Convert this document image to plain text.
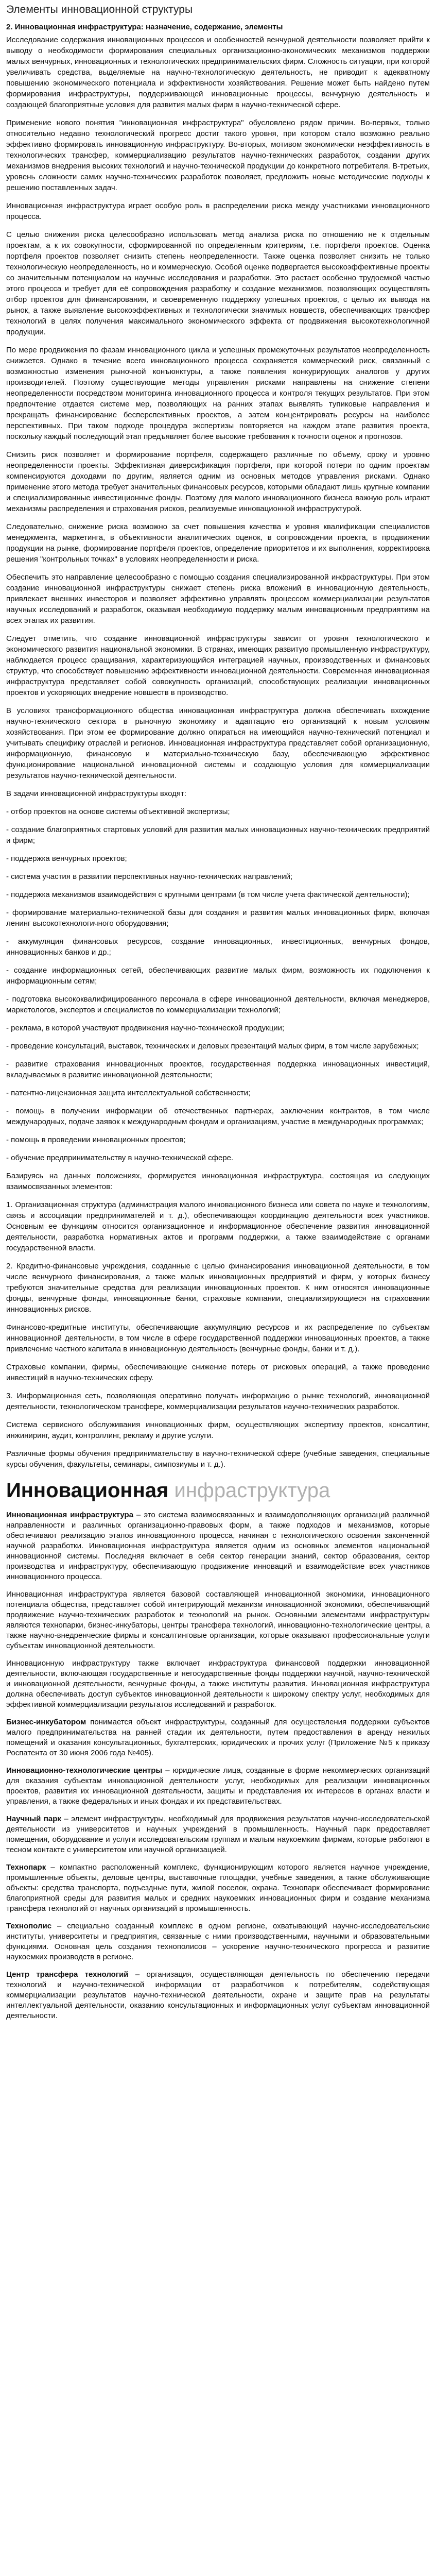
Элементы инновационной структуры
2. Инновационная инфраструктура: назначение, содержание, элементы

Исследование содержания инновационных процессов и особенностей венчурной деятельности позволяет прийти к выводу о необходимости формирования специальных организационно-экономических механизмов поддержки малых венчурных, инновационных и технологических предпринимательских фирм. Сложность ситуации, при которой увеличивать средства, выделяемые на научно-технологическую деятельность, не приводит к адекватному повышению экономического потенциала и эффективности хозяйствования. Решение может быть найдено путем формирования инфраструктуры, поддерживающей инновационные процессы, венчурную деятельность и создающей благоприятные условия для развития малых фирм в научно-технической сфере.

Применение нового понятия "инновационная инфраструктура" обусловлено рядом причин. Во-первых, только относительно недавно технологический прогресс достиг такого уровня, при котором стало возможно реально эффективно формировать инновационную инфраструктуру. Во-вторых, мотивом экономически неэффективность в технологических трансфер, коммерциализацию результатов научно-технических разработок, создании других механизмов внедрения высоких технологий и научно-технической продукции до конкретного потребителя. В-третьих, уровень сложности самих научно-технических разработок позволяет, предложить новые методические подходы к решению поставленных задач.

Инновационная инфраструктура играет особую роль в распределении риска между участниками инновационного процесса.

С целью снижения риска целесообразно использовать метод анализа риска по отношению не к отдельным проектам, а к их совокупности, сформированной по определенным критериям, т.е. портфеля проектов. Оценка портфеля проектов позволяет снизить степень неопределенности. Также оценка позволяет снизить не только технологическую неопределенность, но и коммерческую. Особой оценке подвергается высокоэффективные проекты со значительным потенциалом на научные исследования и разработки. Это растает особенно трудоемкой частью этого процесса и требует для её сопровождения разработку и создание механизмов, позволяющих осуществлять отбор проектов для финансирования, и своевременную поддержку успешных проектов, с целью их вывода на рынок, а также выявление высокоэффективных и технологически значимых новшеств, обеспечивающих трансфер технологий в целях получения максимального экономического эффекта от продвижения высокотехнологичной продукции.

По мере продвижения по фазам инновационного цикла и успешных промежуточных результатов неопределенность снижается. Однако в течение всего инновационного процесса сохраняется коммерческий риск, связанный с возможностью изменения рыночной конъюнктуры, а также появления конкурирующих аналогов у других производителей. Поэтому существующие методы управления рисками направлены на снижение степени неопределенности посредством мониторинга инновационного процесса и контроля текущих результатов. При этом предпочтение отдается системе мер, позволяющих на ранних этапах выявлять тупиковые направления и прекращать финансирование бесперспективных проектов, а затем концентрировать ресурсы на наиболее перспективных. При таком подходе процедура экспертизы повторяется на каждом этапе развития проекта, поскольку каждый последующий этап предъявляет более высокие требования к точности оценок и прогнозов.

Снизить риск позволяет и формирование портфеля, содержащего различные по объему, сроку и уровню неопределенности проекты. Эффективная диверсификация портфеля, при которой потери по одним проектам компенсируются доходами по другим, является одним из основных методов управления рисками. Однако применение этого метода требует значительных финансовых ресурсов, которыми обладают лишь крупные компании и специализированные инвестиционные фонды. Поэтому для малого инновационного бизнеса важную роль играют механизмы распределения и страхования рисков, реализуемые инновационной инфраструктурой.

Следовательно, снижение риска возможно за счет повышения качества и уровня квалификации специалистов менеджмента, маркетинга, в объективности аналитических оценок, в сопровождении проекта, в продвижении продукции на рынке, формирование портфеля проектов, определение приоритетов и их выполнения, корректировка решения "контрольных точках" в условиях неопределенности и риска.

Обеспечить это направление целесообразно с помощью создания специализированной инфраструктуры. При этом создание инновационной инфраструктуры снижает степень риска вложений в инновационную деятельность, привлекает внешних инвесторов и позволяет эффективно управлять процессом коммерциализации результатов научных исследований и разработок, оказывая необходимую поддержку малым инновационным предприятиям на всех этапах их развития.

Следует отметить, что создание инновационной инфраструктуры зависит от уровня технологического и экономического развития национальной экономики. В странах, имеющих развитую промышленную инфраструктуру, наблюдается процесс сращивания, характеризующийся интеграцией научных, производственных и финансовых структур, что способствует повышению эффективности инновационной деятельности. Современная инновационная инфраструктура представляет собой совокупность организаций, способствующих реализации инновационных проектов и ускоряющих внедрение новшеств в производство.

В условиях трансформационного общества инновационная инфраструктура должна обеспечивать вхождение научно-технического сектора в рыночную экономику и адаптацию его организаций к новым условиям хозяйствования. При этом ее формирование должно опираться на имеющийся научно-технический потенциал и учитывать специфику отраслей и регионов. Инновационная инфраструктура представляет собой организационную, информационную, финансовую и материально-техническую базу, обеспечивающую эффективное функционирование национальной инновационной системы и создающую условия для коммерциализации результатов научно-технической деятельности.

В задачи инновационной инфраструктуры входят:

- отбор проектов на основе системы объективной экспертизы;

- создание благоприятных стартовых условий для развития малых инновационных научно-технических предприятий и фирм;

- поддержка венчурных проектов;

- система участия в развитии перспективных научно-технических направлений;

- поддержка механизмов взаимодействия с крупными центрами (в том числе учета фактической деятельности);

- формирование материально-технической базы для создания и развития малых инновационных фирм, включая ленинг высокотехнологичного оборудования;

- аккумуляция финансовых ресурсов, создание инновационных, инвестиционных, венчурных фондов, инновационных банков и др.;

- создание информационных сетей, обеспечивающих развитие малых фирм, возможность их подключения к информационным сетям;

- подготовка высококвалифицированного персонала в сфере инновационной деятельности, включая менеджеров, маркетологов, экспертов и специалистов по коммерциализации технологий;

- реклама, в которой участвуют продвижения научно-технической продукции;

- проведение консультаций, выставок, технических и деловых презентаций малых фирм, в том числе зарубежных;

- развитие страхования инновационных проектов, государственная поддержка инновационных инвестиций, вкладываемых в развитие инновационной деятельности;

- патентно-лицензионная защита интеллектуальной собственности;

- помощь в получении информации об отечественных партнерах, заключении контрактов, в том числе международных, подаче заявок к международным фондам и организациям, участие в международных программах;

- помощь в проведении инновационных проектов;

- обучение предпринимательству в научно-технической сфере.

Базируясь на данных положениях, формируется инновационная инфраструктура, состоящая из следующих взаимосвязанных элементов:

1. Организационная структура (администрация малого инновационного бизнеса или совета по науке и технологиям, связь и ассоциации предпринимателей и т. д.), обеспечивающая координацию деятельности всех участников. Основным ее функциям относится организационное и информационное обеспечение развития инновационной деятельности, разработка нормативных актов и программ поддержки, а также взаимодействие с органами государственной власти.

2. Кредитно-финансовые учреждения, созданные с целью финансирования инновационной деятельности, в том числе венчурного финансирования, а также малых инновационных предприятий и фирм, у которых бизнесу требуются значительные средства для реализации инновационных проектов. К ним относятся инновационные фонды, венчурные фонды, инновационные банки, страховые компании, специализирующиеся на страховании инновационных рисков.

Финансово-кредитные институты, обеспечивающие аккумуляцию ресурсов и их распределение по субъектам инновационной деятельности, в том числе в сфере государственной поддержки инновационных проектов, а также привлечение частного капитала в инновационную деятельность (венчурные фонды, банки и т. д.).

Страховые компании, фирмы, обеспечивающие снижение потерь от рисковых операций, а также проведение инвестиций в научно-технических сферу.

3. Информационная сеть, позволяющая оперативно получать информацию о рынке технологий, инновационной деятельности, технологическом трансфере, коммерциализации результатов научно-технических разработок.

Система сервисного обслуживания инновационных фирм, осуществляющих экспертизу проектов, консалтинг, инжиниринг, аудит, контроллинг, рекламу и другие услуги.

Различные формы обучения предпринимательству в научно-технической сфере (учебные заведения, специальные курсы обучения, факультеты, семинары, симпозиумы и т. д.).

Инновационная инфраструктура

Инновационная инфраструктура – это система взаимосвязанных и взаимодополняющих организаций различной направленности и различных организационно-правовых форм, а также подходов и механизмов, которые обеспечивают реализацию этапов инновационного процесса, начиная с технологического освоения законченной научной разработки. Инновационная инфраструктура является одним из основных элементов национальной инновационной системы. Последняя включает в себя сектор генерации знаний, сектор образования, сектор производства и инфраструктуру, обеспечивающую продвижение инноваций и взаимодействие всех участников инновационного процесса.

Инновационная инфраструктура является базовой составляющей инновационной экономики, инновационного потенциала общества, представляет собой интегрирующий механизм инновационной экономики, обеспечивающий продвижение научно-технических разработок и технологий на рынок. Основными элементами инфраструктуры являются технопарки, бизнес-инкубаторы, центры трансфера технологий, инновационно-технологические центры, а также научно-внедренческие фирмы и консалтинговые организации, которые оказывают профессиональные услуги субъектам инновационной деятельности.

Инновационную инфраструктуру также включает инфраструктура финансовой поддержки инновационной деятельности, включающая государственные и негосударственные фонды поддержки научной, научно-технической и инновационной деятельности, венчурные фонды, а также институты развития. Инновационная инфраструктура должна обеспечивать доступ субъектов инновационной деятельности к широкому спектру услуг, необходимых для эффективной коммерциализации результатов исследований и разработок.

Бизнес-инкубатором понимается объект инфраструктуры, созданный для осуществления поддержки субъектов малого предпринимательства на ранней стадии их деятельности, путем предоставления в аренду нежилых помещений и оказания консультационных, бухгалтерских, юридических и прочих услуг (Приложение №5 к приказу Роспатента от 30 июня 2006 года №405).

Инновационно-технологические центры – юридические лица, созданные в форме некоммерческих организаций для оказания субъектам инновационной деятельности услуг, необходимых для реализации инновационных проектов, развития их инновационной деятельности, защиты и представления их интересов в органах власти и управления, а также федеральных и иных фондах и их представительствах.

Научный парк – элемент инфраструктуры, необходимый для продвижения результатов научно-исследовательской деятельности из университетов и научных учреждений в промышленность. Научный парк предоставляет помещения, оборудование и услуги исследовательским группам и малым наукоемким фирмам, которые работают в тесном контакте с университетом или научной организацией.

Технопарк – компактно расположенный комплекс, функционирующим которого является научное учреждение, промышленные объекты, деловые центры, выставочные площадки, учебные заведения, а также обслуживающие объекты: средства транспорта, подъездные пути, жилой поселок, охрана. Технопарк обеспечивает формирование благоприятной среды для развития малых и средних наукоемких инновационных фирм и создание механизма трансфера технологий от научных организаций в промышленность.

Технополис – специально созданный комплекс в одном регионе, охватывающий научно-исследовательские институты, университеты и предприятия, связанные с ними производственными, научными и образовательными функциями. Основная цель создания технополисов – ускорение научно-технического прогресса и развитие наукоемких производств в регионе.

Центр трансфера технологий – организация, осуществляющая деятельность по обеспечению передачи технологий и научно-технической информации от разработчиков к потребителям, содействующая коммерциализации результатов научно-технической деятельности, охране и защите прав на результаты интеллектуальной деятельности, оказанию консультационных и информационных услуг субъектам инновационной деятельности.
